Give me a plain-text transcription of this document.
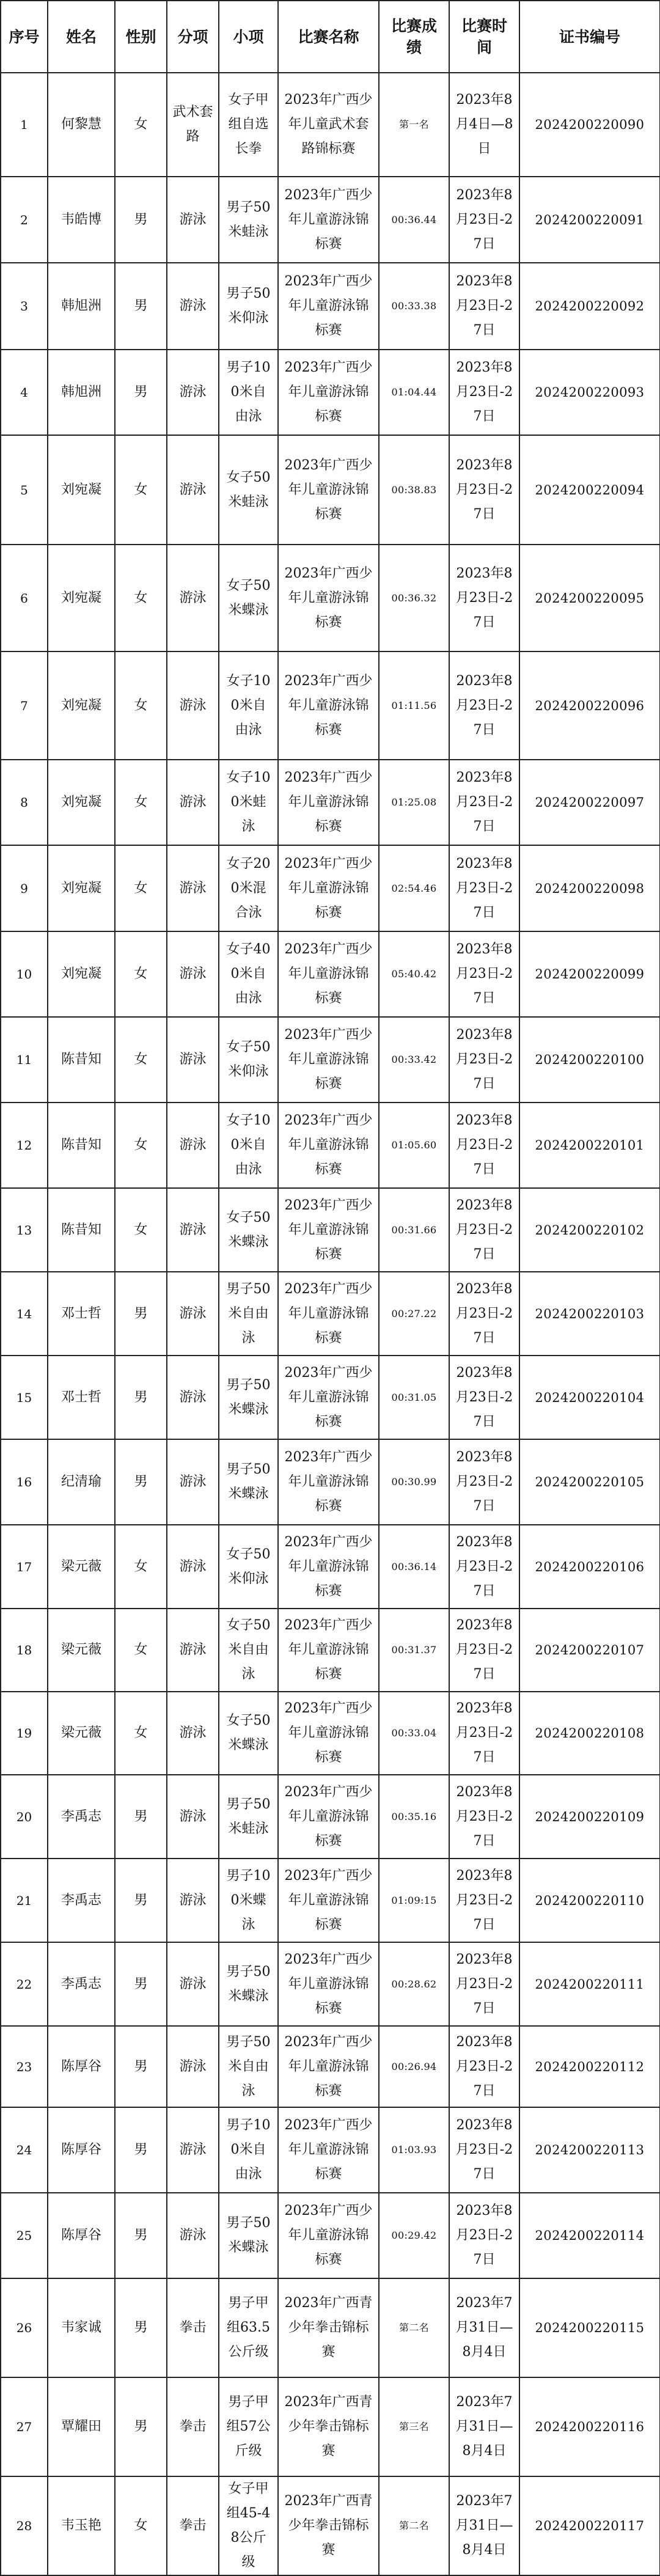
序号	姓名	性别	分项	小项	比赛名称	比赛成绩	比赛时间	证书编号
1	何黎慧	女	武术套路	女子甲组自选长拳	2023年广西少年儿童武术套路锦标赛	第一名	2023年8月4日—8日	2024200220090
2	韦皓博	男	游泳	男子50米蛙泳	2023年广西少年儿童游泳锦标赛	00:36.44	2023年8月23日-27日	2024200220091
3	韩旭洲	男	游泳	男子50米仰泳	2023年广西少年儿童游泳锦标赛	00:33.38	2023年8月23日-27日	2024200220092
4	韩旭洲	男	游泳	男子100米自由泳	2023年广西少年儿童游泳锦标赛	01:04.44	2023年8月23日-27日	2024200220093
5	刘宛凝	女	游泳	女子50米蛙泳	2023年广西少年儿童游泳锦标赛	00:38.83	2023年8月23日-27日	2024200220094
6	刘宛凝	女	游泳	女子50米蝶泳	2023年广西少年儿童游泳锦标赛	00:36.32	2023年8月23日-27日	2024200220095
7	刘宛凝	女	游泳	女子100米自由泳	2023年广西少年儿童游泳锦标赛	01:11.56	2023年8月23日-27日	2024200220096
8	刘宛凝	女	游泳	女子100米蛙泳	2023年广西少年儿童游泳锦标赛	01:25.08	2023年8月23日-27日	2024200220097
9	刘宛凝	女	游泳	女子200米混合泳	2023年广西少年儿童游泳锦标赛	02:54.46	2023年8月23日-27日	2024200220098
10	刘宛凝	女	游泳	女子400米自由泳	2023年广西少年儿童游泳锦标赛	05:40.42	2023年8月23日-27日	2024200220099
11	陈昔知	女	游泳	女子50米仰泳	2023年广西少年儿童游泳锦标赛	00:33.42	2023年8月23日-27日	2024200220100
12	陈昔知	女	游泳	女子100米自由泳	2023年广西少年儿童游泳锦标赛	01:05.60	2023年8月23日-27日	2024200220101
13	陈昔知	女	游泳	女子50米蝶泳	2023年广西少年儿童游泳锦标赛	00:31.66	2023年8月23日-27日	2024200220102
14	邓士哲	男	游泳	男子50米自由泳	2023年广西少年儿童游泳锦标赛	00:27.22	2023年8月23日-27日	2024200220103
15	邓士哲	男	游泳	男子50米蝶泳	2023年广西少年儿童游泳锦标赛	00:31.05	2023年8月23日-27日	2024200220104
16	纪清瑜	男	游泳	男子50米蝶泳	2023年广西少年儿童游泳锦标赛	00:30.99	2023年8月23日-27日	2024200220105
17	梁元薇	女	游泳	女子50米仰泳	2023年广西少年儿童游泳锦标赛	00:36.14	2023年8月23日-27日	2024200220106
18	梁元薇	女	游泳	女子50米自由泳	2023年广西少年儿童游泳锦标赛	00:31.37	2023年8月23日-27日	2024200220107
19	梁元薇	女	游泳	女子50米蝶泳	2023年广西少年儿童游泳锦标赛	00:33.04	2023年8月23日-27日	2024200220108
20	李禹志	男	游泳	男子50米蛙泳	2023年广西少年儿童游泳锦标赛	00:35.16	2023年8月23日-27日	2024200220109
21	李禹志	男	游泳	男子100米蝶泳	2023年广西少年儿童游泳锦标赛	01:09:15	2023年8月23日-27日	2024200220110
22	李禹志	男	游泳	男子50米蝶泳	2023年广西少年儿童游泳锦标赛	00:28.62	2023年8月23日-27日	2024200220111
23	陈厚谷	男	游泳	男子50米自由泳	2023年广西少年儿童游泳锦标赛	00:26.94	2023年8月23日-27日	2024200220112
24	陈厚谷	男	游泳	男子100米自由泳	2023年广西少年儿童游泳锦标赛	01:03.93	2023年8月23日-27日	2024200220113
25	陈厚谷	男	游泳	男子50米蝶泳	2023年广西少年儿童游泳锦标赛	00:29.42	2023年8月23日-27日	2024200220114
26	韦家诚	男	拳击	男子甲组63.5公斤级	2023年广西青少年拳击锦标赛	第二名	2023年7月31日—8月4日	2024200220115
27	覃耀田	男	拳击	男子甲组57公斤级	2023年广西青少年拳击锦标赛	第三名	2023年7月31日—8月4日	2024200220116
28	韦玉艳	女	拳击	女子甲组45-48公斤级	2023年广西青少年拳击锦标赛	第二名	2023年7月31日—8月4日	2024200220117
